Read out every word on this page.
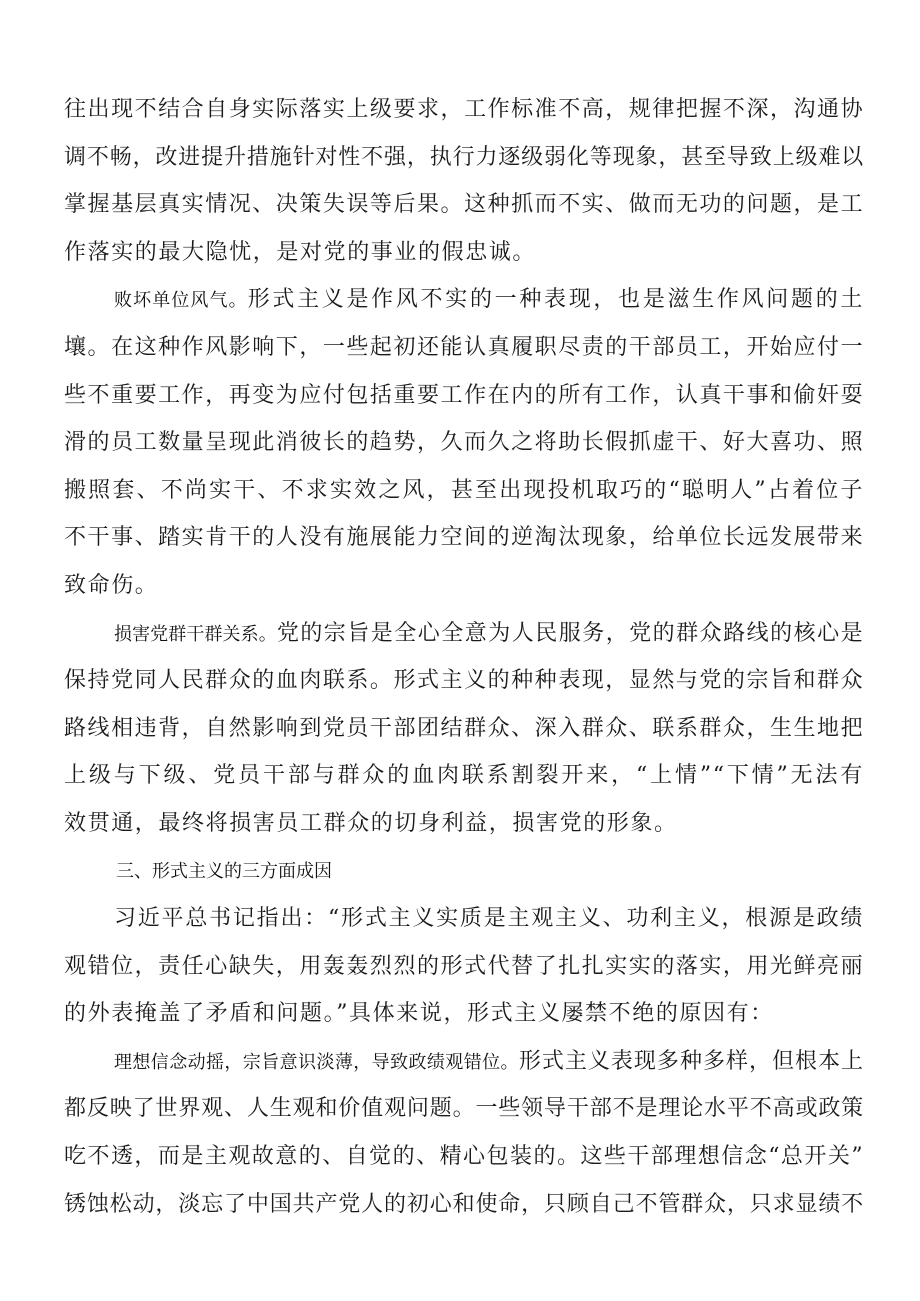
往出现不结合自身实际落实上级要求，工作标准不高，规律把握不深，沟通协
调不畅，改进提升措施针对性不强，执行力逐级弱化等现象，甚至导致上级难以
掌握基层真实情况、决策失误等后果。这种抓而不实、做而无功的问题，是工
作落实的最大隐忧，是对党的事业的假忠诚。
败坏单位风气。形式主义是作风不实的一种表现，也是滋生作风问题的土
壤。在这种作风影响下，一些起初还能认真履职尽责的干部员工，开始应付一
些不重要工作，再变为应付包括重要工作在内的所有工作，认真干事和偷奸耍
滑的员工数量呈现此消彼长的趋势，久而久之将助长假抓虚干、好大喜功、照
搬照套、不尚实干、不求实效之风，甚至出现投机取巧的“聪明人”占着位子
不干事、踏实肯干的人没有施展能力空间的逆淘汰现象，给单位长远发展带来
致命伤。
损害党群干群关系。党的宗旨是全心全意为人民服务，党的群众路线的核心是
保持党同人民群众的血肉联系。形式主义的种种表现，显然与党的宗旨和群众
路线相违背，自然影响到党员干部团结群众、深入群众、联系群众，生生地把
上级与下级、党员干部与群众的血肉联系割裂开来，“上情”“下情”无法有
效贯通，最终将损害员工群众的切身利益，损害党的形象。
三、形式主义的三方面成因
习近平总书记指出：“形式主义实质是主观主义、功利主义，根源是政绩
观错位，责任心缺失，用轰轰烈烈的形式代替了扎扎实实的落实，用光鲜亮丽
的外表掩盖了矛盾和问题。”具体来说，形式主义屡禁不绝的原因有：
理想信念动摇，宗旨意识淡薄，导致政绩观错位。形式主义表现多种多样，但根本上
都反映了世界观、人生观和价值观问题。一些领导干部不是理论水平不高或政策
吃不透，而是主观故意的、自觉的、精心包装的。这些干部理想信念“总开关”
锈蚀松动，淡忘了中国共产党人的初心和使命，只顾自己不管群众，只求显绩不
